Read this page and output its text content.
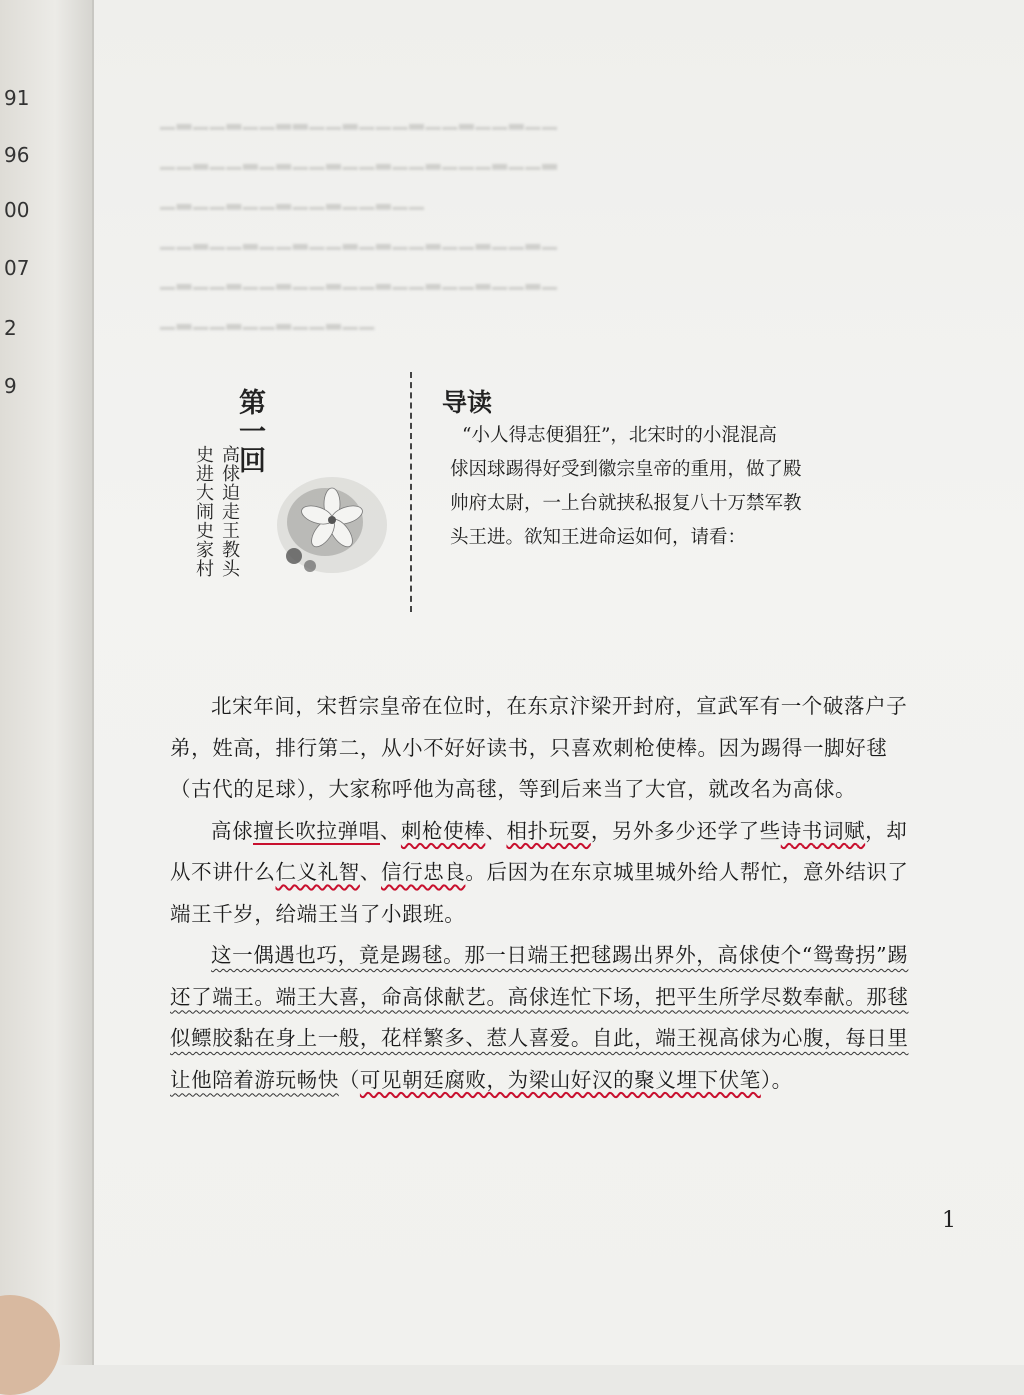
91
96
00
07
2
9
▁▂▁▁▂▁▁▂▂▁▁▂▁▁▁▂▁▁▂▁▁▂▁▁
▁▁▂▁▁▂▁▂▁▁▂▁▁▂▁▁▂▁▁▁▂▁▁▂
▁▂▁▁▂▁▁▂▁▁▂▁▁▂▁▁
▁▁▂▁▁▂▁▁▂▁▁▂▁▂▁▁▂▁▁▂▁▁▂▁
▁▂▁▁▂▁▁▂▁▁▂▁▁▂▁▁▂▁▁▂▁▁▂▁
▁▂▁▁▂▁▁▂▁▁▂▁▁
第一回
高俅迫走王教头
史进大闹史家村
导读
“小人得志便猖狂”，北宋时的小混混高
俅因球踢得好受到徽宗皇帝的重用，做了殿
帅府太尉，一上台就挟私报复八十万禁军教
头王进。欲知王进命运如何，请看：

北宋年间，宋哲宗皇帝在位时，在东京汴梁开封府，宣武军有一个破落户子弟，姓高，排行第二，从小不好好读书，只喜欢刺枪使棒。因为踢得一脚好毬（古代的足球），大家称呼他为高毬，等到后来当了大官，就改名为高俅。

高俅擅长吹拉弹唱、刺枪使棒、相扑玩耍，另外多少还学了些诗书词赋，却从不讲什么仁义礼智、信行忠良。后因为在东京城里城外给人帮忙，意外结识了端王千岁，给端王当了小跟班。

这一偶遇也巧，竟是踢毬。那一日端王把毬踢出界外，高俅使个“鸳鸯拐”踢还了端王。端王大喜，命高俅献艺。高俅连忙下场，把平生所学尽数奉献。那毬似鳔胶黏在身上一般，花样繁多、惹人喜爱。自此，端王视高俅为心腹，每日里让他陪着游玩畅快（可见朝廷腐败，为梁山好汉的聚义埋下伏笔）。

1
